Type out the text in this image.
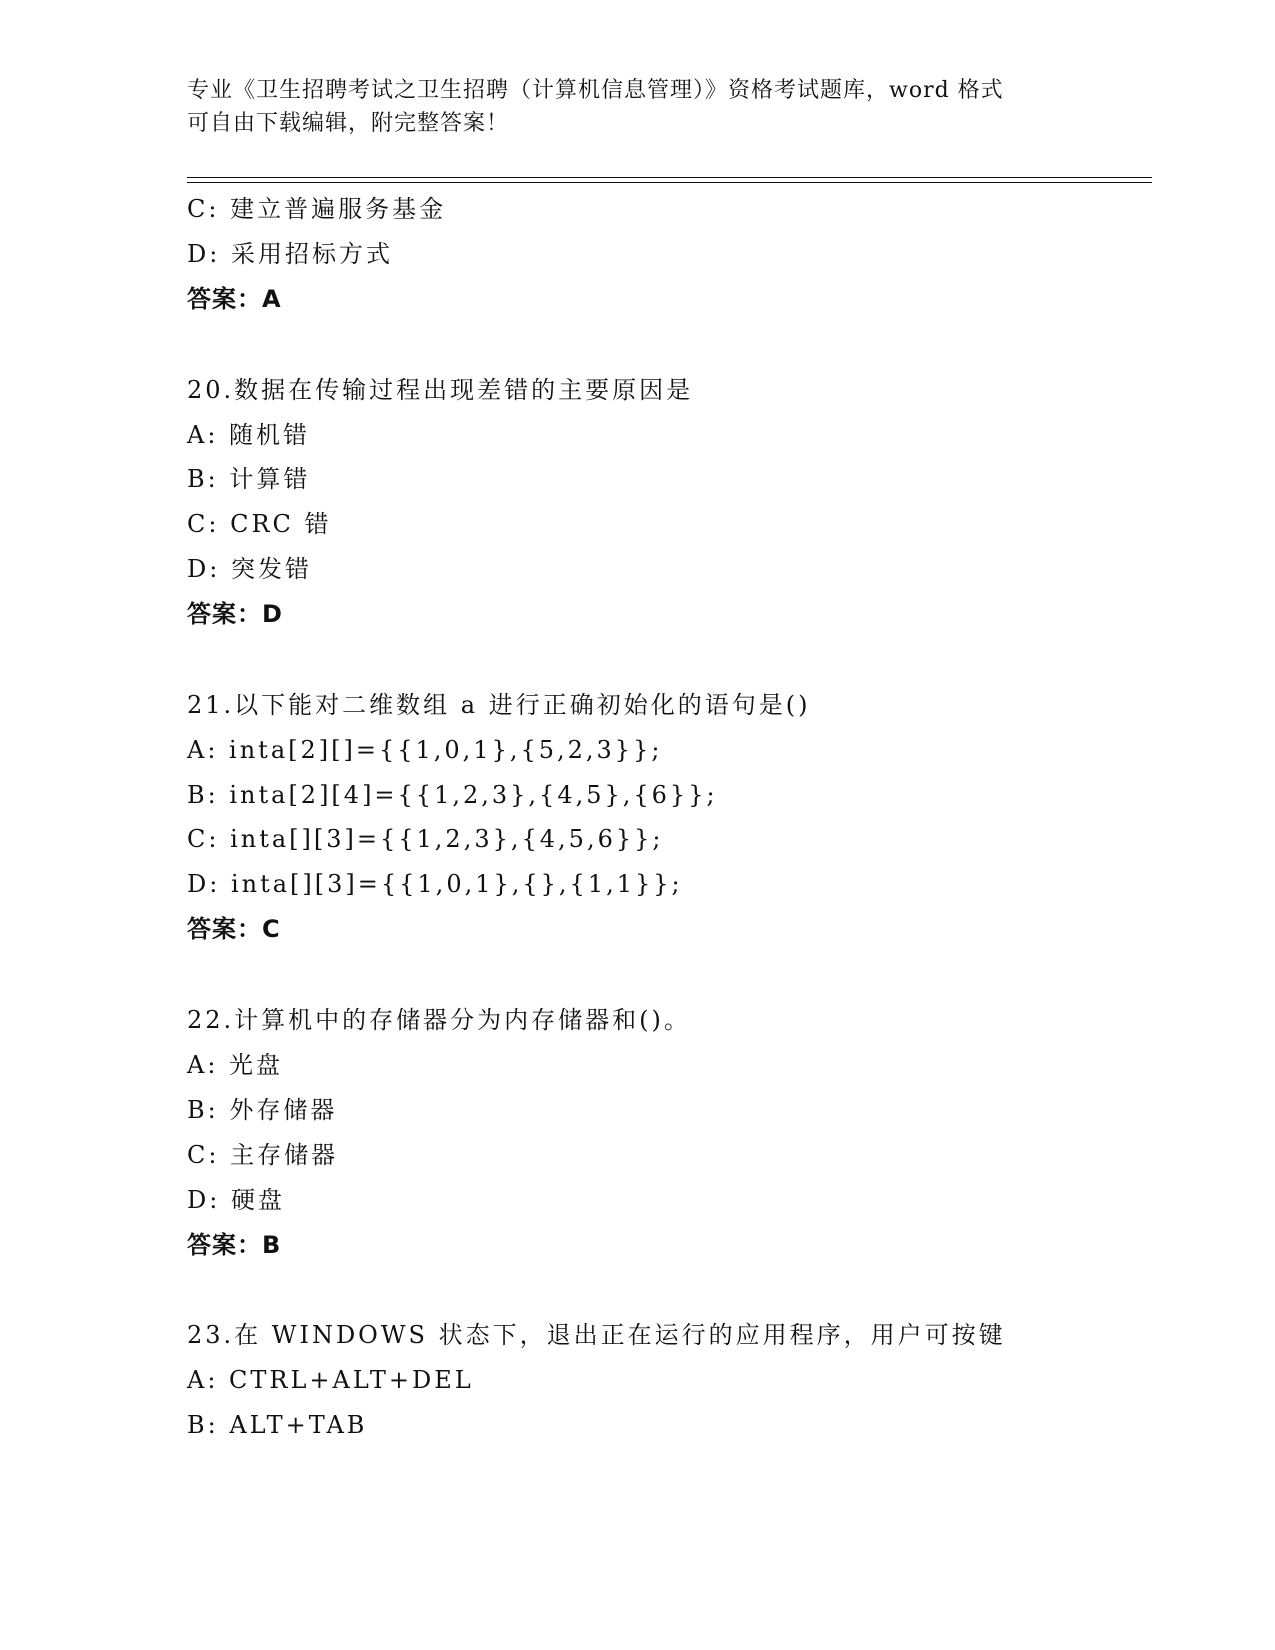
专业《卫生招聘考试之卫生招聘（计算机信息管理）》资格考试题库，word 格式
可自由下载编辑，附完整答案！
C: 建立普遍服务基金
D: 采用招标方式
答案：A
20.数据在传输过程出现差错的主要原因是
A: 随机错
B: 计算错
C: CRC 错
D: 突发错
答案：D
21.以下能对二维数组 a 进行正确初始化的语句是()
A: inta[2][]={{1,0,1},{5,2,3}};
B: inta[2][4]={{1,2,3},{4,5},{6}};
C: inta[][3]={{1,2,3},{4,5,6}};
D: inta[][3]={{1,0,1},{},{1,1}};
答案：C
22.计算机中的存储器分为内存储器和()。
A: 光盘
B: 外存储器
C: 主存储器
D: 硬盘
答案：B
23.在 WINDOWS 状态下，退出正在运行的应用程序，用户可按键
A: CTRL+ALT+DEL
B: ALT+TAB
